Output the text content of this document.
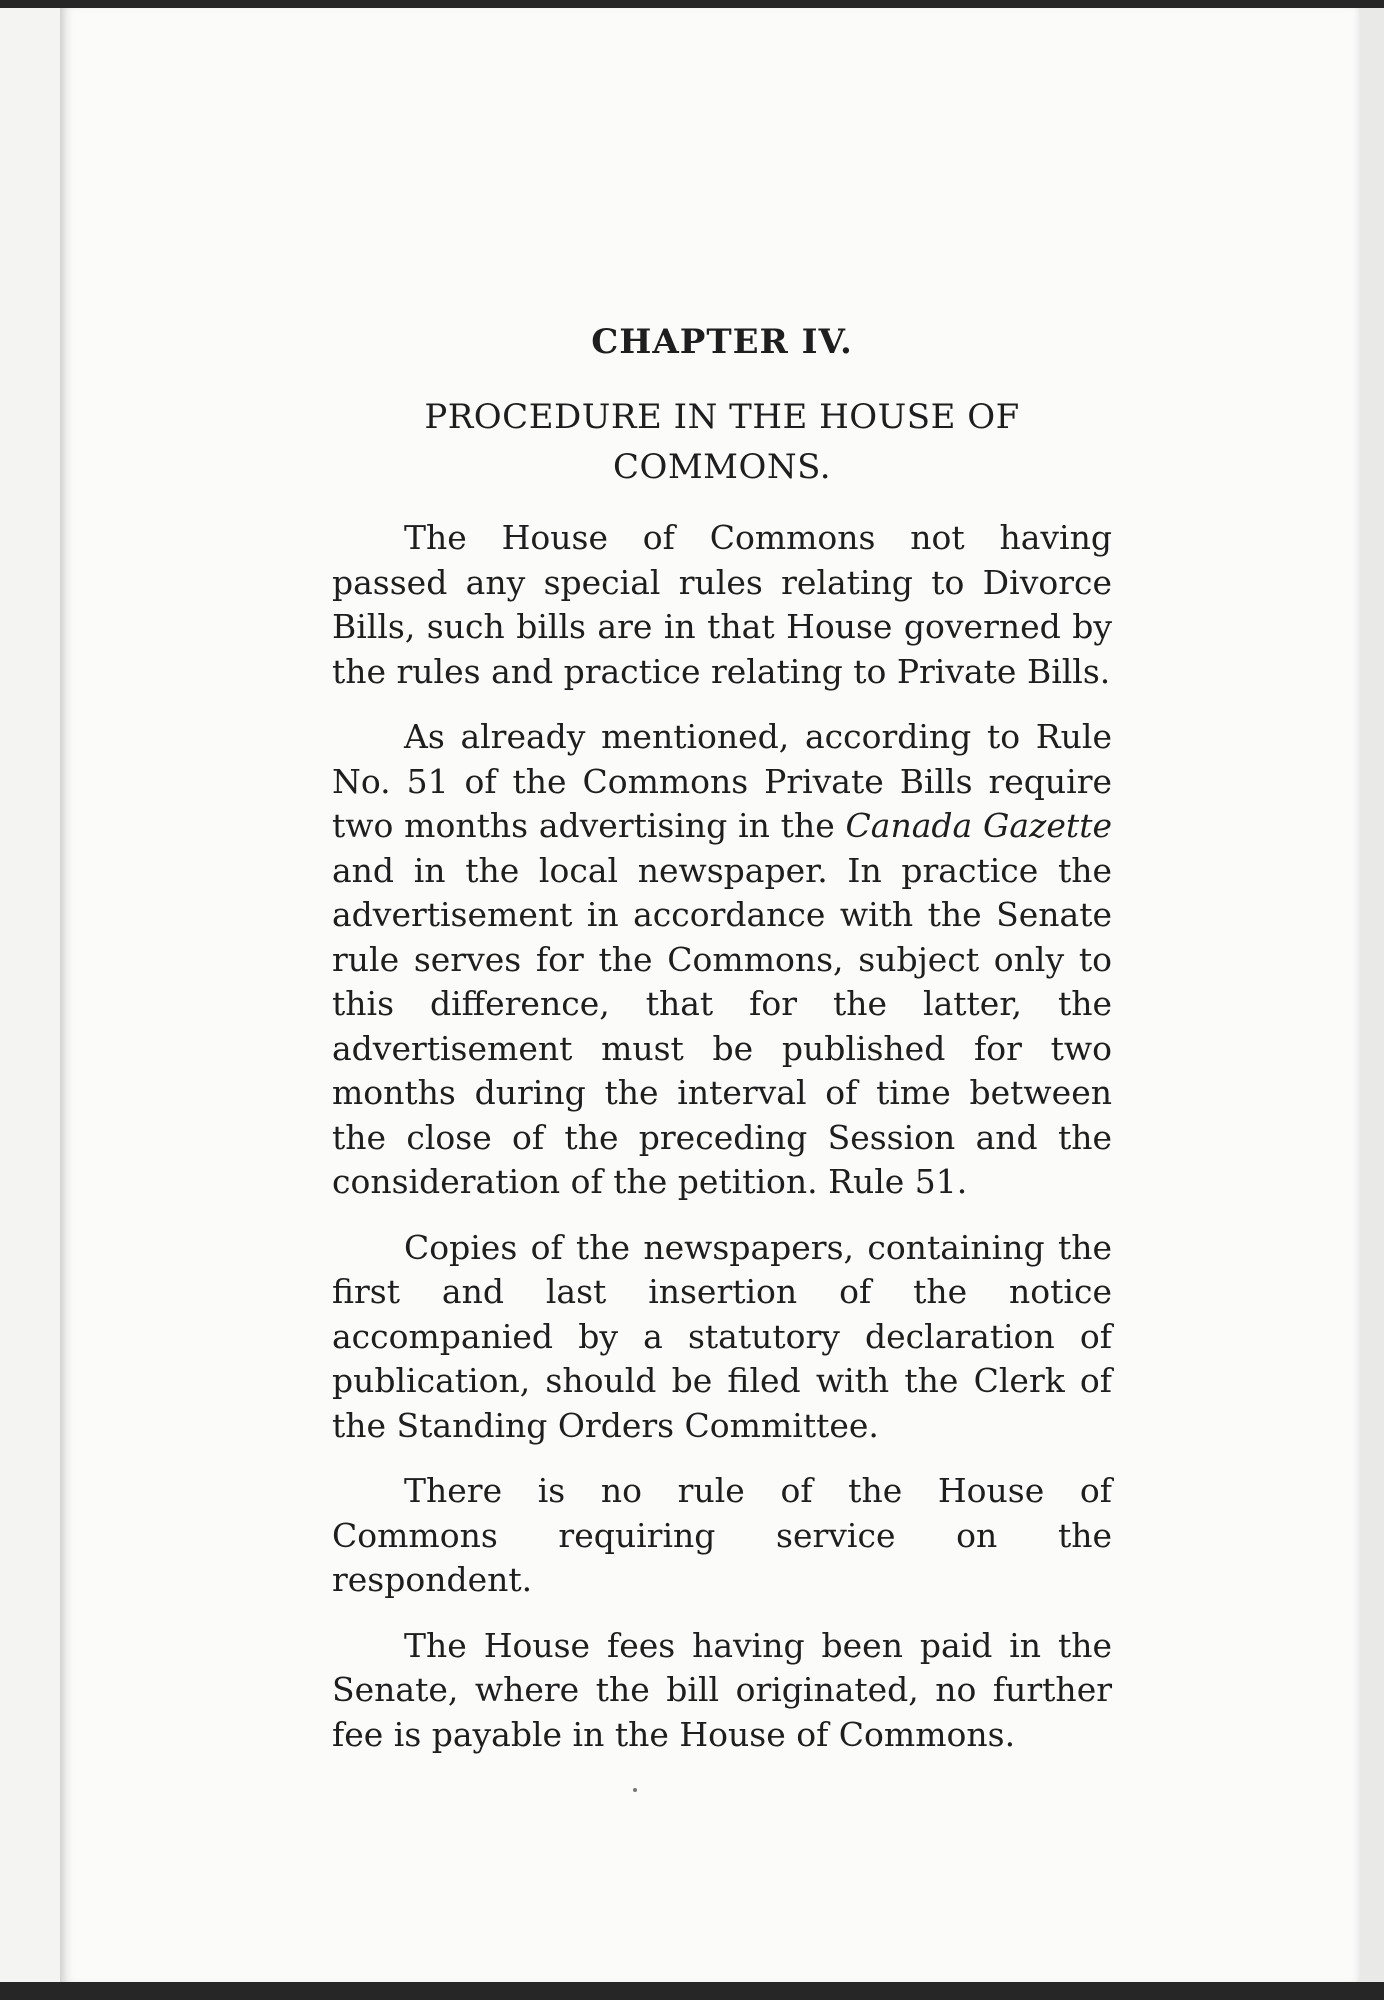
CHAPTER IV.
PROCEDURE IN THE HOUSE OF
COMMONS.

The House of Commons not having passed any special rules relating to Divorce Bills, such bills are in that House governed by the rules and practice relating to Private Bills.

As already mentioned, according to Rule No. 51 of the Commons Private Bills require two months advertising in the Canada Gazette and in the local newspaper. In practice the advertisement in accordance with the Senate rule serves for the Commons, subject only to this difference, that for the latter, the advertisement must be published for two months during the interval of time between the close of the preceding Session and the consideration of the petition. Rule 51.

Copies of the newspapers, containing the first and last insertion of the notice accompanied by a statutory declaration of publication, should be filed with the Clerk of the Standing Orders Committee.

There is no rule of the House of Commons requiring service on the respondent.

The House fees having been paid in the Senate, where the bill originated, no further fee is payable in the House of Commons.
